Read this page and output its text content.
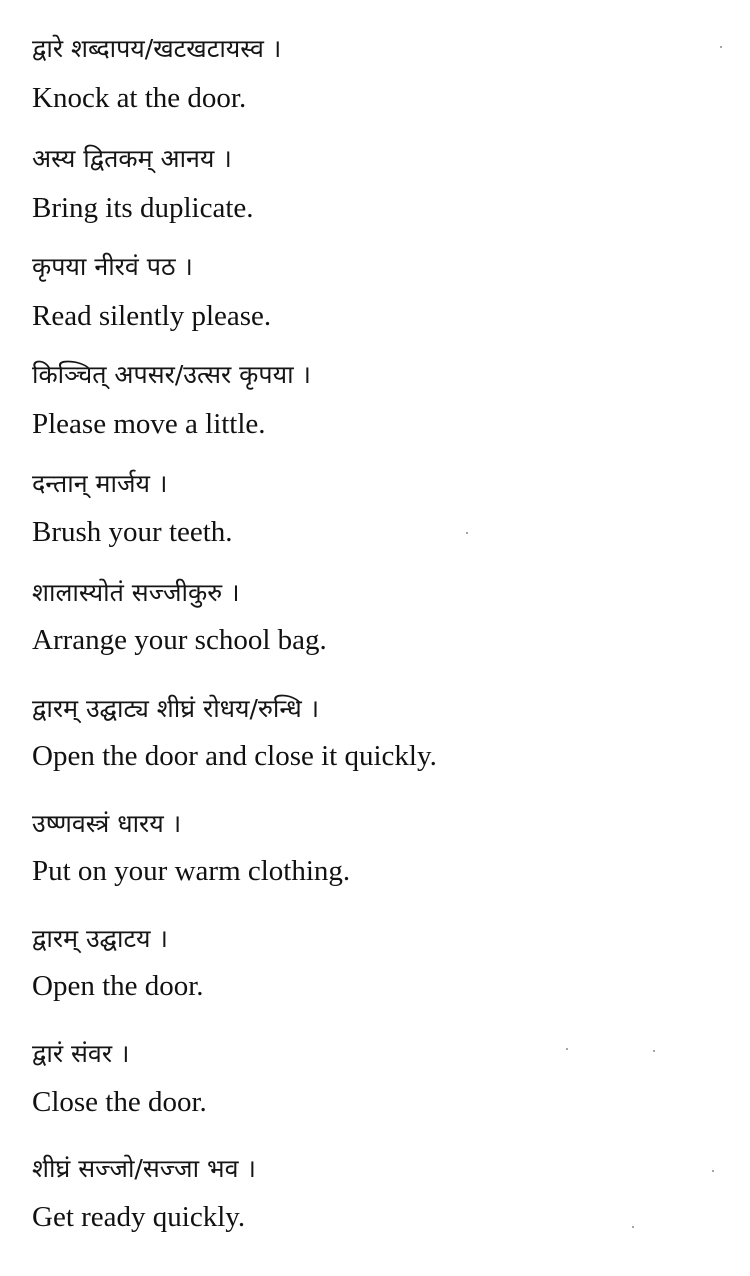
द्वारे शब्दापय/खटखटायस्व ।
Knock at the door.
अस्य द्वितकम् आनय ।
Bring its duplicate.
कृपया नीरवं पठ ।
Read silently please.
किञ्चित् अपसर/उत्सर कृपया ।
Please move a little.
दन्तान् मार्जय ।
Brush your teeth.
शालास्योतं सज्जीकुरु ।
Arrange your school bag.
द्वारम् उद्घाट्य शीघ्रं रोधय/रुन्धि ।
Open the door and close it quickly.
उष्णवस्त्रं धारय ।
Put on your warm clothing.
द्वारम् उद्घाटय ।
Open the door.
द्वारं संवर ।
Close the door.
शीघ्रं सज्जो/सज्जा भव ।
Get ready quickly.
